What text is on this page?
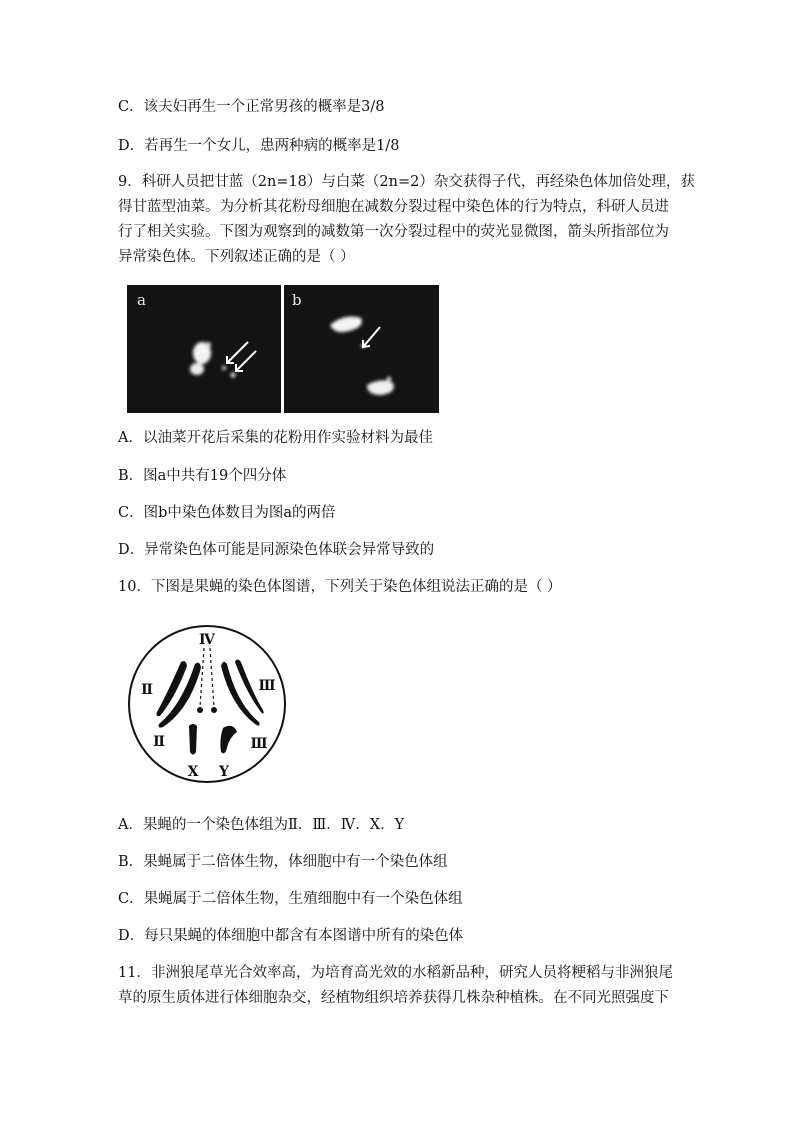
C．该夫妇再生一个正常男孩的概率是3/8
D．若再生一个女儿，患两种病的概率是1/8
9．科研人员把甘蓝（2n=18）与白菜（2n=2）杂交获得子代，再经染色体加倍处理，获
得甘蓝型油菜。为分析其花粉母细胞在减数分裂过程中染色体的行为特点，科研人员进
行了相关实验。下图为观察到的减数第一次分裂过程中的荧光显微图，箭头所指部位为
异常染色体。下列叙述正确的是（ ）
a	b
A．以油菜开花后采集的花粉用作实验材料为最佳
B．图a中共有19个四分体
C．图b中染色体数目为图a的两倍
D．异常染色体可能是同源染色体联会异常导致的
10．下图是果蝇的染色体图谱，下列关于染色体组说法正确的是（ ）
Ⅳ
Ⅱ	Ⅲ
Ⅱ	Ⅲ
X Y
A．果蝇的一个染色体组为Ⅱ．Ⅲ．Ⅳ．X．Y
B．果蝇属于二倍体生物，体细胞中有一个染色体组
C．果蝇属于二倍体生物，生殖细胞中有一个染色体组
D．每只果蝇的体细胞中都含有本图谱中所有的染色体
11．非洲狼尾草光合效率高，为培育高光效的水稻新品种，研究人员将粳稻与非洲狼尾
草的原生质体进行体细胞杂交，经植物组织培养获得几株杂种植株。在不同光照强度下
